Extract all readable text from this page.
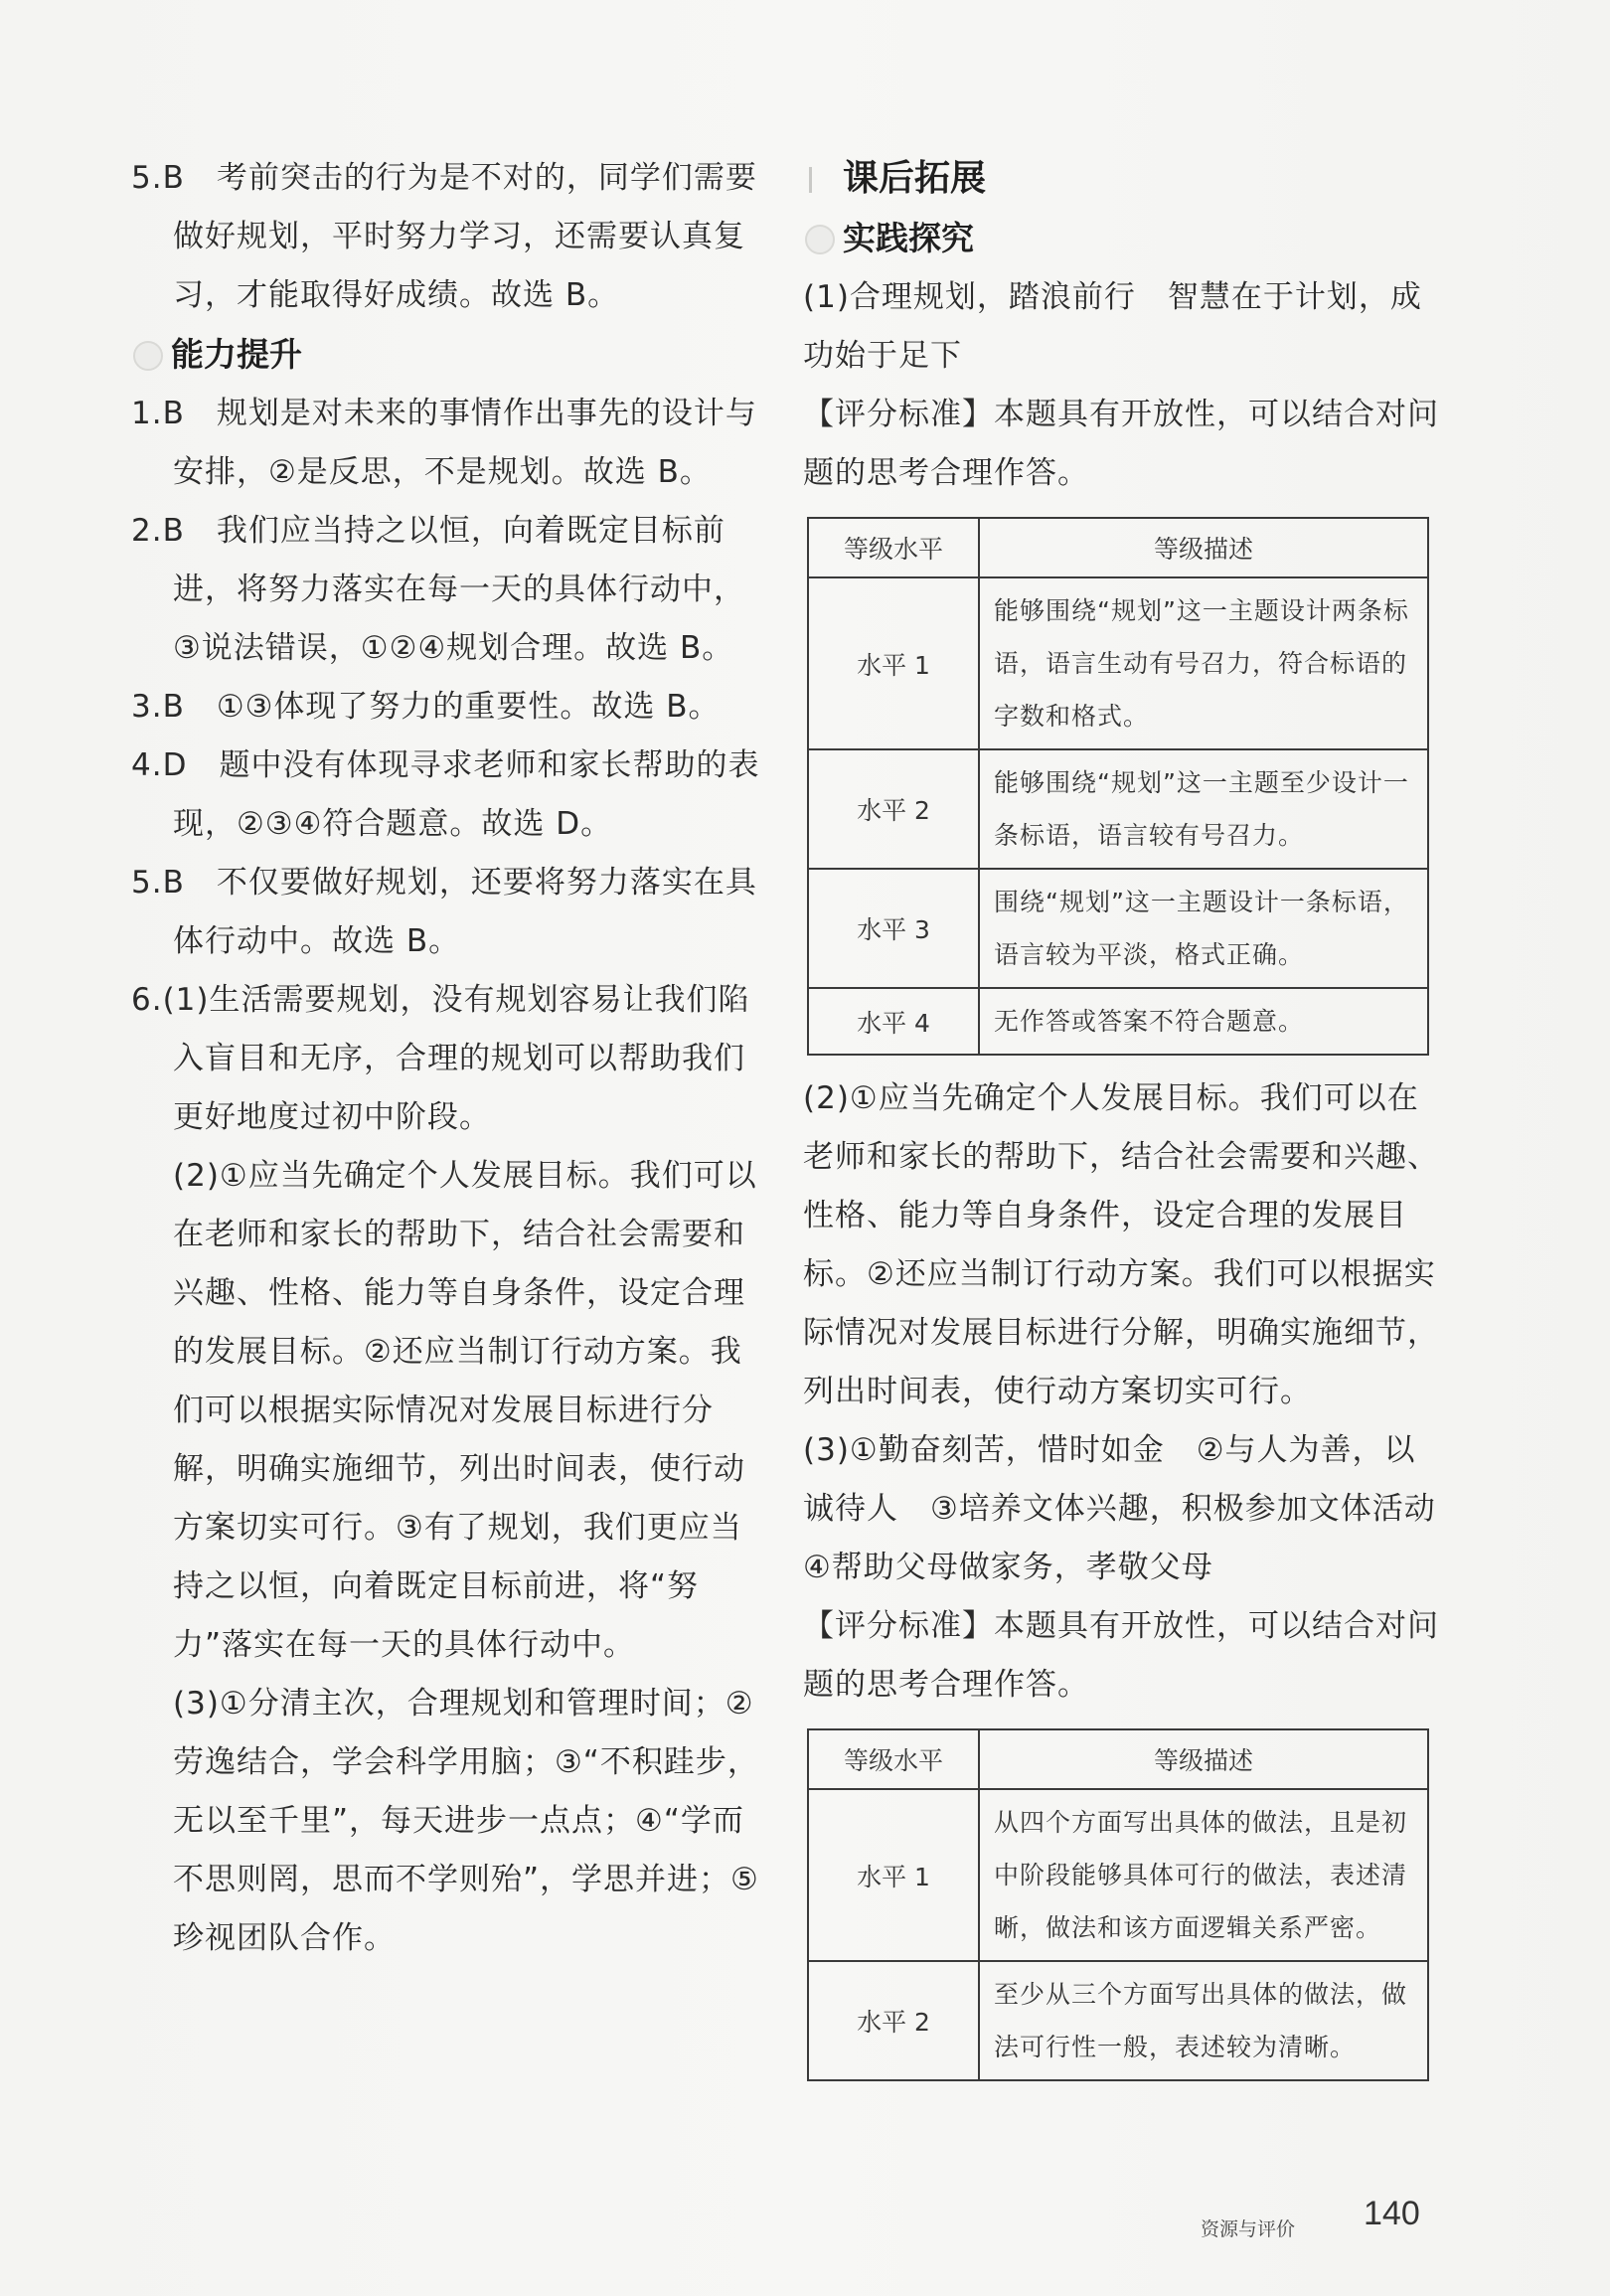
5.B　考前突击的行为是不对的，同学们需要做好规划，平时努力学习，还需要认真复习，才能取得好成绩。故选 B。

能力提升

1.B　规划是对未来的事情作出事先的设计与安排，②是反思，不是规划。故选 B。

2.B　我们应当持之以恒，向着既定目标前进，将努力落实在每一天的具体行动中，③说法错误，①②④规划合理。故选 B。

3.B　①③体现了努力的重要性。故选 B。

4.D　题中没有体现寻求老师和家长帮助的表现，②③④符合题意。故选 D。

5.B　不仅要做好规划，还要将努力落实在具体行动中。故选 B。

6.(1)生活需要规划，没有规划容易让我们陷入盲目和无序，合理的规划可以帮助我们更好地度过初中阶段。

(2)①应当先确定个人发展目标。我们可以在老师和家长的帮助下，结合社会需要和兴趣、性格、能力等自身条件，设定合理的发展目标。②还应当制订行动方案。我们可以根据实际情况对发展目标进行分解，明确实施细节，列出时间表，使行动方案切实可行。③有了规划，我们更应当持之以恒，向着既定目标前进，将“努力”落实在每一天的具体行动中。

(3)①分清主次，合理规划和管理时间；②劳逸结合，学会科学用脑；③“不积跬步，无以至千里”，每天进步一点点；④“学而不思则罔，思而不学则殆”，学思并进；⑤珍视团队合作。

课后拓展

实践探究

(1)合理规划，踏浪前行　智慧在于计划，成功始于足下

【评分标准】本题具有开放性，可以结合对问题的思考合理作答。

等级水平	等级描述
水平 1	能够围绕“规划”这一主题设计两条标语，语言生动有号召力，符合标语的字数和格式。
水平 2	能够围绕“规划”这一主题至少设计一条标语，语言较有号召力。
水平 3	围绕“规划”这一主题设计一条标语，语言较为平淡，格式正确。
水平 4	无作答或答案不符合题意。

(2)①应当先确定个人发展目标。我们可以在老师和家长的帮助下，结合社会需要和兴趣、性格、能力等自身条件，设定合理的发展目标。②还应当制订行动方案。我们可以根据实际情况对发展目标进行分解，明确实施细节，列出时间表，使行动方案切实可行。

(3)①勤奋刻苦，惜时如金　②与人为善，以诚待人　③培养文体兴趣，积极参加文体活动　④帮助父母做家务，孝敬父母

【评分标准】本题具有开放性，可以结合对问题的思考合理作答。

等级水平	等级描述
水平 1	从四个方面写出具体的做法，且是初中阶段能够具体可行的做法，表述清晰，做法和该方面逻辑关系严密。
水平 2	至少从三个方面写出具体的做法，做法可行性一般，表述较为清晰。
资源与评价 140
